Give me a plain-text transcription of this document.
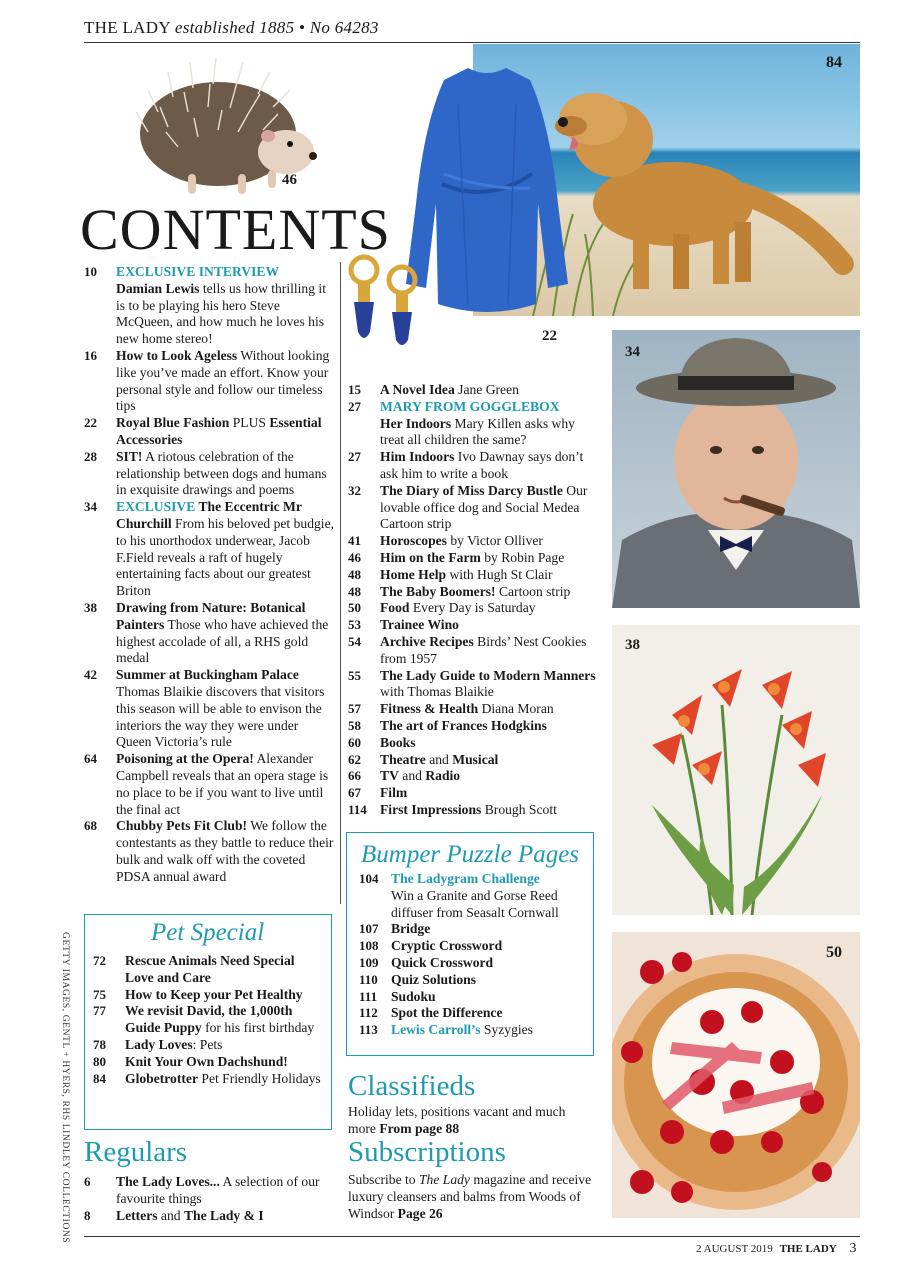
THE LADY established 1885 • No 64283
46
84
22
CONTENTS
10 EXCLUSIVE INTERVIEW
Damian Lewis tells us how thrilling it is to be playing his hero Steve McQueen, and how much he loves his new home stereo!
16 How to Look Ageless Without looking like you’ve made an effort. Know your personal style and follow our timeless tips
22 Royal Blue Fashion PLUS Essential Accessories
28 SIT! A riotous celebration of the relationship between dogs and humans in exquisite drawings and poems
34 EXCLUSIVE The Eccentric Mr Churchill From his beloved pet budgie, to his unorthodox underwear, Jacob F.Field reveals a raft of hugely entertaining facts about our greatest Briton
38 Drawing from Nature: Botanical Painters Those who have achieved the highest accolade of all, a RHS gold medal
42 Summer at Buckingham Palace Thomas Blaikie discovers that visitors this season will be able to envison the interiors the way they were under Queen Victoria’s rule
64 Poisoning at the Opera! Alexander Campbell reveals that an opera stage is no place to be if you want to live until the final act
68 Chubby Pets Fit Club! We follow the contestants as they battle to reduce their bulk and walk off with the coveted PDSA annual award
Pet Special
72 Rescue Animals Need Special Love and Care
75 How to Keep your Pet Healthy
77 We revisit David, the 1,000th Guide Puppy for his first birthday
78 Lady Loves: Pets
80 Knit Your Own Dachshund!
84 Globetrotter Pet Friendly Holidays
Regulars
6 The Lady Loves... A selection of our favourite things
8 Letters and The Lady & I
15 A Novel Idea Jane Green
27 MARY FROM GOGGLEBOX
Her Indoors Mary Killen asks why treat all children the same?
27 Him Indoors Ivo Dawnay says don’t ask him to write a book
32 The Diary of Miss Darcy Bustle Our lovable office dog and Social Medea Cartoon strip
41 Horoscopes by Victor Olliver
46 Him on the Farm by Robin Page
48 Home Help with Hugh St Clair
48 The Baby Boomers! Cartoon strip
50 Food Every Day is Saturday
53 Trainee Wino
54 Archive Recipes Birds’ Nest Cookies from 1957
55 The Lady Guide to Modern Manners with Thomas Blaikie
57 Fitness & Health Diana Moran
58 The art of Frances Hodgkins
60 Books
62 Theatre and Musical
66 TV and Radio
67 Film
114 First Impressions Brough Scott
Bumper Puzzle Pages
104 The Ladygram Challenge
Win a Granite and Gorse Reed diffuser from Seasalt Cornwall
107 Bridge
108 Cryptic Crossword
109 Quick Crossword
110 Quiz Solutions
111 Sudoku
112 Spot the Difference
113 Lewis Carroll’s Syzygies
Classifieds
Holiday lets, positions vacant and much more From page 88
Subscriptions
Subscribe to The Lady magazine and receive luxury cleansers and balms from Woods of Windsor Page 26
34
38
50
GETTY IMAGES, GENTL + HYERS, RHS LINDLEY COLLECTIONS
2 AUGUST 2019 THE LADY 3
